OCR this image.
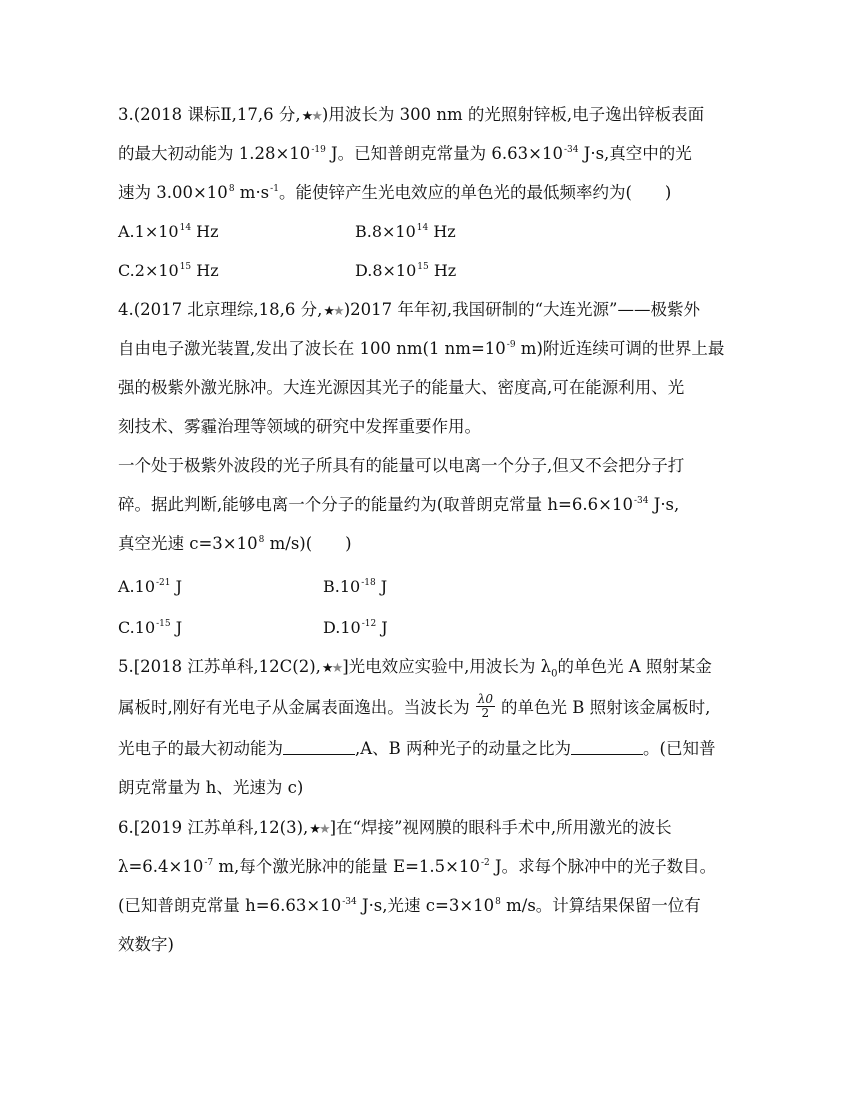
3.(2018 课标Ⅱ,17,6 分,★★)用波长为 300 nm 的光照射锌板,电子逸出锌板表面
的最大初动能为 $1.28\times 10^{-19}$ J。已知普朗克常量为 $6.63\times 10^{-34}$ J·s,真空中的光
速为 $3.00\times 10^8$ $m\cdot s^{-1}$。能使锌产生光电效应的单色光的最低频率约为(　　)
$A.1\times 10^{14}$ Hz	$B.8\times 10^{14}$ Hz
$C.2\times 10^{15}$ Hz	$D.8\times 10^{15}$ Hz
4.(2017 北京理综,18,6 分,★★)2017 年年初,我国研制的“大连光源”——极紫外
自由电子激光装置,发出了波长在 100 nm(1 $nm=10^{-9}$ m)附近连续可调的世界上最
强的极紫外激光脉冲。大连光源因其光子的能量大、密度高,可在能源利用、光
刻技术、雾霾治理等领域的研究中发挥重要作用。
一个处于极紫外波段的光子所具有的能量可以电离一个分子,但又不会把分子打
碎。据此判断,能够电离一个分子的能量约为(取普朗克常量 $h=6.6\times 10^{-34}$ J·s,
真空光速 $c=3\times 10^8$ m/s)(　　)
$A.10^{-21}$ J	$B.10^{-18}$ J
$C.10^{-15}$ J	$D.10^{-12}$ J
5.[2018 江苏单科,12C(2),★★]光电效应实验中,用波长为 $\lambda_0$的单色光 A 照射某金
属板时,刚好有光电子从金属表面逸出。当波长为 $\frac{\lambda 0}{2}$ 的单色光 B 照射该金属板时,
光电子的最大初动能为	,A、B 两种光子的动量之比为	。(已知普
朗克常量为 h、光速为 c)
6.[2019 江苏单科,12(3),★★]在“焊接”视网膜的眼科手术中,所用激光的波长
$\lambda=6.4\times 10^{-7}$ m,每个激光脉冲的能量 $E=1.5\times 10^{-2}$ J。求每个脉冲中的光子数目。
(已知普朗克常量 $h=6.63\times 10^{-34}$ J·s,光速 $c=3\times 10^8$ m/s。计算结果保留一位有
效数字)
